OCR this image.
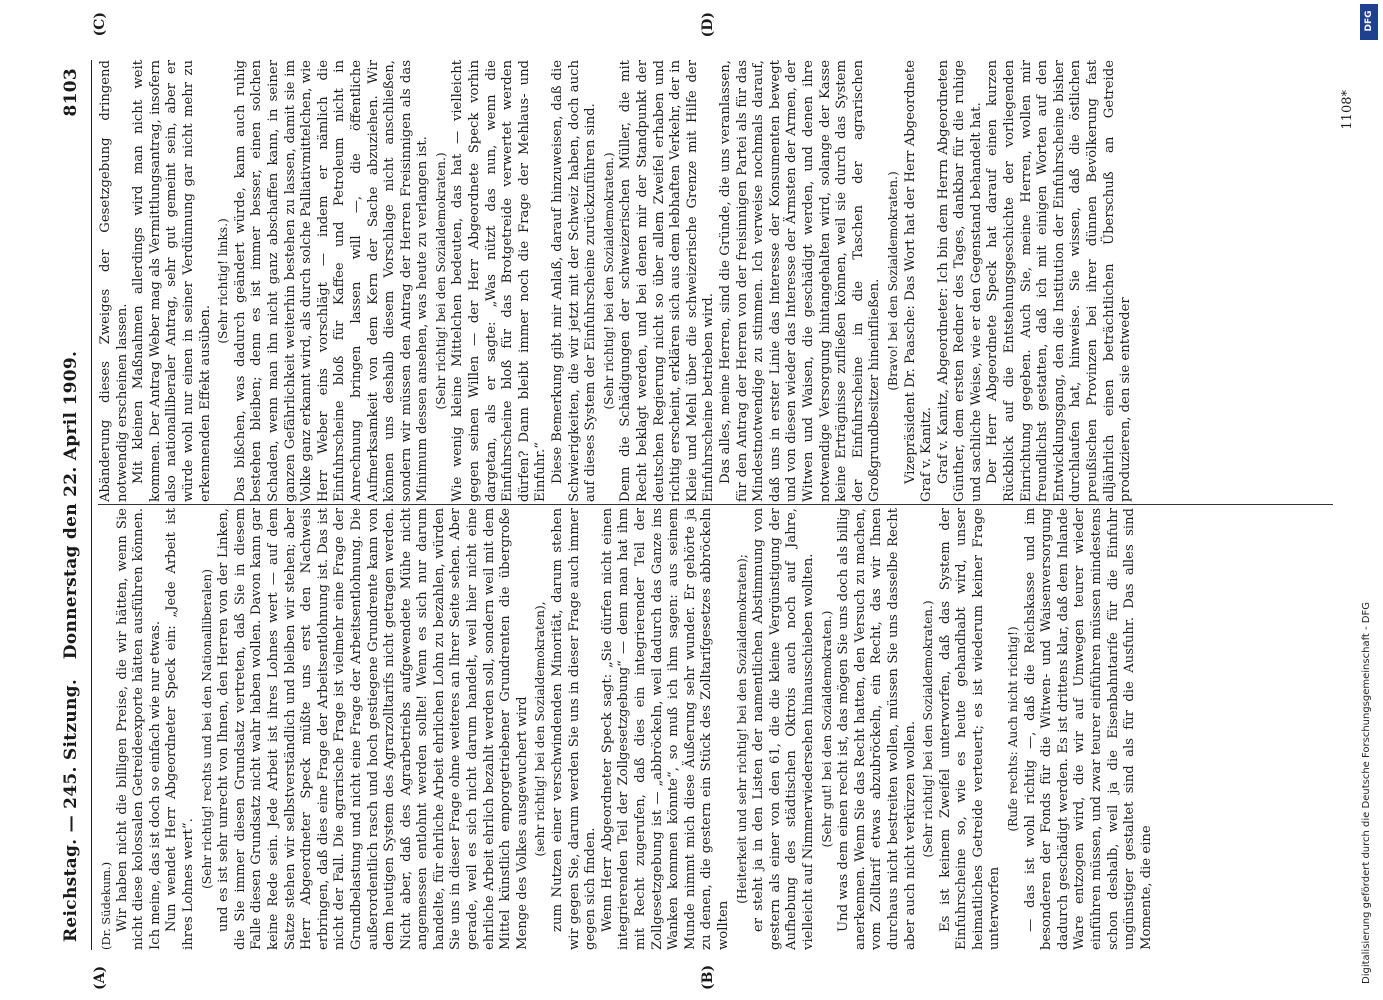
Reichstag. — 245. Sitzung.
Donnerstag den 22. April 1909.
8103
(A)	(B)
(C)	(D)

(Dr. Südekum.) Wir haben nicht die billigen Preise, die wir hätten, wenn Sie nicht diese kolossalen Getreideexporte hätten ausführen können. Ich meine, das ist doch so einfach wie nur etwas. Nun wendet Herr Abgeordneter Speck ein: „Jede Arbeit ist ihres Lohnes wert“. (Sehr richtig! rechts und bei den Nationalliberalen) und es ist sehr unrecht von Ihnen, den Herren von der Linken, die Sie immer diesen Grundsatz vertreten, daß Sie in diesem Falle diesen Grundsatz nicht wahr haben wollen. Davon kann gar keine Rede sein. Jede Arbeit ist ihres Lohnes wert — auf dem Satze stehen wir selbstverständlich und bleiben wir stehen; aber Herr Abgeordneter Speck müßte uns erst den Nachweis erbringen, daß dies eine Frage der Arbeitsentlohnung ist. Das ist nicht der Fall. Die agrarische Frage ist vielmehr eine Frage der Grundbelastung und nicht eine Frage der Arbeitsentlohnung. Die außerordentlich rasch und hoch gestiegene Grundrente kann von dem heutigen System des Agrarzolltarifs nicht getragen werden. Nicht aber, daß des Agrarbetriebs aufgewendete Mühe nicht angemessen entlohnt werden sollte! Wenn es sich nur darum handelte, für ehrliche Arbeit ehrlichen Lohn zu bezahlen, würden Sie uns in dieser Frage ohne weiteres an Ihrer Seite sehen. Aber gerade, weil es sich nicht darum handelt, weil hier nicht eine ehrliche Arbeit ehrlich bezahlt werden soll, sondern weil mit dem Mittel künstlich emporgetriebener Grundrenten die übergroße Menge des Volkes ausgewuchert wird (sehr richtig! bei den Sozialdemokraten), zum Nutzen einer verschwindenden Minorität, darum stehen wir gegen Sie, darum werden Sie uns in dieser Frage auch immer gegen sich finden. Wenn Herr Abgeordneter Speck sagt: „Sie dürfen nicht einen integrierenden Teil der Zollgesetzgebung“ — denn man hat ihm mit Recht zugerufen, daß dies ein integrierender Teil der Zollgesetzgebung ist — „abbröckeln, weil dadurch das Ganze ins Wanken kommen könnte“, so muß ich ihm sagen: aus seinem Munde nimmt mich diese Äußerung sehr wunder. Er gehörte ja zu denen, die gestern ein Stück des Zolltarifgesetzes abbröckeln wollten

(Heiterkeit und sehr richtig! bei den Sozialdemokraten); er steht ja in den Listen der namentlichen Abstimmung von gestern als einer von den 61, die die kleine Vergünstigung der Aufhebung des städtischen Oktrois auch noch auf Jahre, vielleicht auf Nimmerwiedersehen hinausschieben wollten. (Sehr gut! bei den Sozialdemokraten.) Und was dem einen recht ist, das mögen Sie uns doch als billig anerkennen. Wenn Sie das Recht hatten, den Versuch zu machen, vom Zolltarif etwas abzubröckeln, ein Recht, das wir Ihnen durchaus nicht bestreiten wollen, müssen Sie uns dasselbe Recht aber auch nicht verkürzen wollen. (Sehr richtig! bei den Sozialdemokraten.) Es ist keinem Zweifel unterworfen, daß das System der Einfuhrscheine so, wie es heute gehandhabt wird, unser heimatliches Getreide verteuert; es ist wiederum keiner Frage unterworfen

(Rufe rechts: Auch nicht richtig!) — das ist wohl richtig —, daß die Reichskasse und im besonderen der Fonds für die Witwen- und Waisenversorgung dadurch geschädigt werden. Es ist drittens klar, daß dem Inlande Ware entzogen wird, die wir auf Umwegen teurer wieder einführen müssen, und zwar teurer einführen müssen mindestens schon deshalb, weil ja die Eisenbahntarife für die Einfuhr ungünstiger gestaltet sind als für die Ausfuhr. Das alles sind Momente, die eine

Abänderung dieses Zweiges der Gesetzgebung dringend notwendig erscheinen lassen. Mit kleinen Maßnahmen allerdings wird man nicht weit kommen. Der Antrag Weber mag als Vermittlungsantrag, insofern also nationalliberaler Antrag, sehr gut gemeint sein, aber er würde wohl nur einen in seiner Verdünnung gar nicht mehr zu erkennenden Effekt ausüben.

(Sehr richtig! links.) Das bißchen, was dadurch geändert würde, kann auch ruhig bestehen bleiben; denn es ist immer besser, einen solchen Schaden, wenn man ihn nicht ganz abschaffen kann, in seiner ganzen Gefährlichkeit weiterhin bestehen zu lassen, damit sie im Volke ganz erkannt wird, als durch solche Palliativmittelchen, wie Herr Weber eins vorschlägt — indem er nämlich die Einfuhrscheine bloß für Kaffee und Petroleum nicht in Anrechnung bringen lassen will —, die öffentliche Aufmerksamkeit von dem Kern der Sache abzuziehen. Wir können uns deshalb diesem Vorschlage nicht anschließen, sondern wir müssen den Antrag der Herren Freisinnigen als das Minimum dessen ansehen, was heute zu verlangen ist. (Sehr richtig! bei den Sozialdemokraten.) Wie wenig kleine Mittelchen bedeuten, das hat — vielleicht gegen seinen Willen — der Herr Abgeordnete Speck vorhin dargetan, als er sagte: „Was nützt das nun, wenn die Einfuhrscheine bloß für das Brotgetreide verwertet werden dürfen? Dann bleibt immer noch die Frage der Mehlaus- und Einfuhr.“ Diese Bemerkung gibt mir Anlaß, darauf hinzuweisen, daß die Schwierigkeiten, die wir jetzt mit der Schweiz haben, doch auch auf dieses System der Einfuhrscheine zurückzuführen sind. (Sehr richtig! bei den Sozialdemokraten.) Denn die Schädigungen der schweizerischen Müller, die mit Recht beklagt werden, und bei denen mir der Standpunkt der deutschen Regierung nicht so über allem Zweifel erhaben und richtig erscheint, erklären sich aus dem lebhaften Verkehr, der in Kleie und Mehl über die schweizerische Grenze mit Hilfe der Einfuhrscheine betrieben wird. Das alles, meine Herren, sind die Gründe, die uns veranlassen, für den Antrag der Herren von der freisinnigen Partei als für das Mindestnotwendige zu stimmen. Ich verweise nochmals darauf, daß uns in erster Linie das Interesse der Konsumenten bewegt und von diesen wieder das Interesse der Ärmsten der Armen, der Witwen und Waisen, die geschädigt werden, und denen ihre notwendige Versorgung hintangehalten wird, solange der Kasse keine Erträgnisse zufließen können, weil sie durch das System der Einfuhrscheine in die Taschen der agrarischen Großgrundbesitzer hineinfließen. (Bravo! bei den Sozialdemokraten.) Vizepräsident Dr. Paasche: Das Wort hat der Herr Abgeordnete Graf v. Kanitz. Graf v. Kanitz, Abgeordneter: Ich bin dem Herrn Abgeordneten Günther, dem ersten Redner des Tages, dankbar für die ruhige und sachliche Weise, wie er den Gegenstand behandelt hat. Der Herr Abgeordnete Speck hat darauf einen kurzen Rückblick auf die Entstehungsgeschichte der vorliegenden Einrichtung gegeben. Auch Sie, meine Herren, wollen mir freundlichst gestatten, daß ich mit einigen Worten auf den Entwicklungsgang, den die Institution der Einfuhrscheine bisher durchlaufen hat, hinweise. Sie wissen, daß die östlichen preußischen Provinzen bei ihrer dünnen Bevölkerung fast alljährlich einen beträchtlichen Überschuß an Getreide produzieren, den sie entweder

1108*
DFG
Digitalisierung gefördert durch die Deutsche Forschungsgemeinschaft - DFG
